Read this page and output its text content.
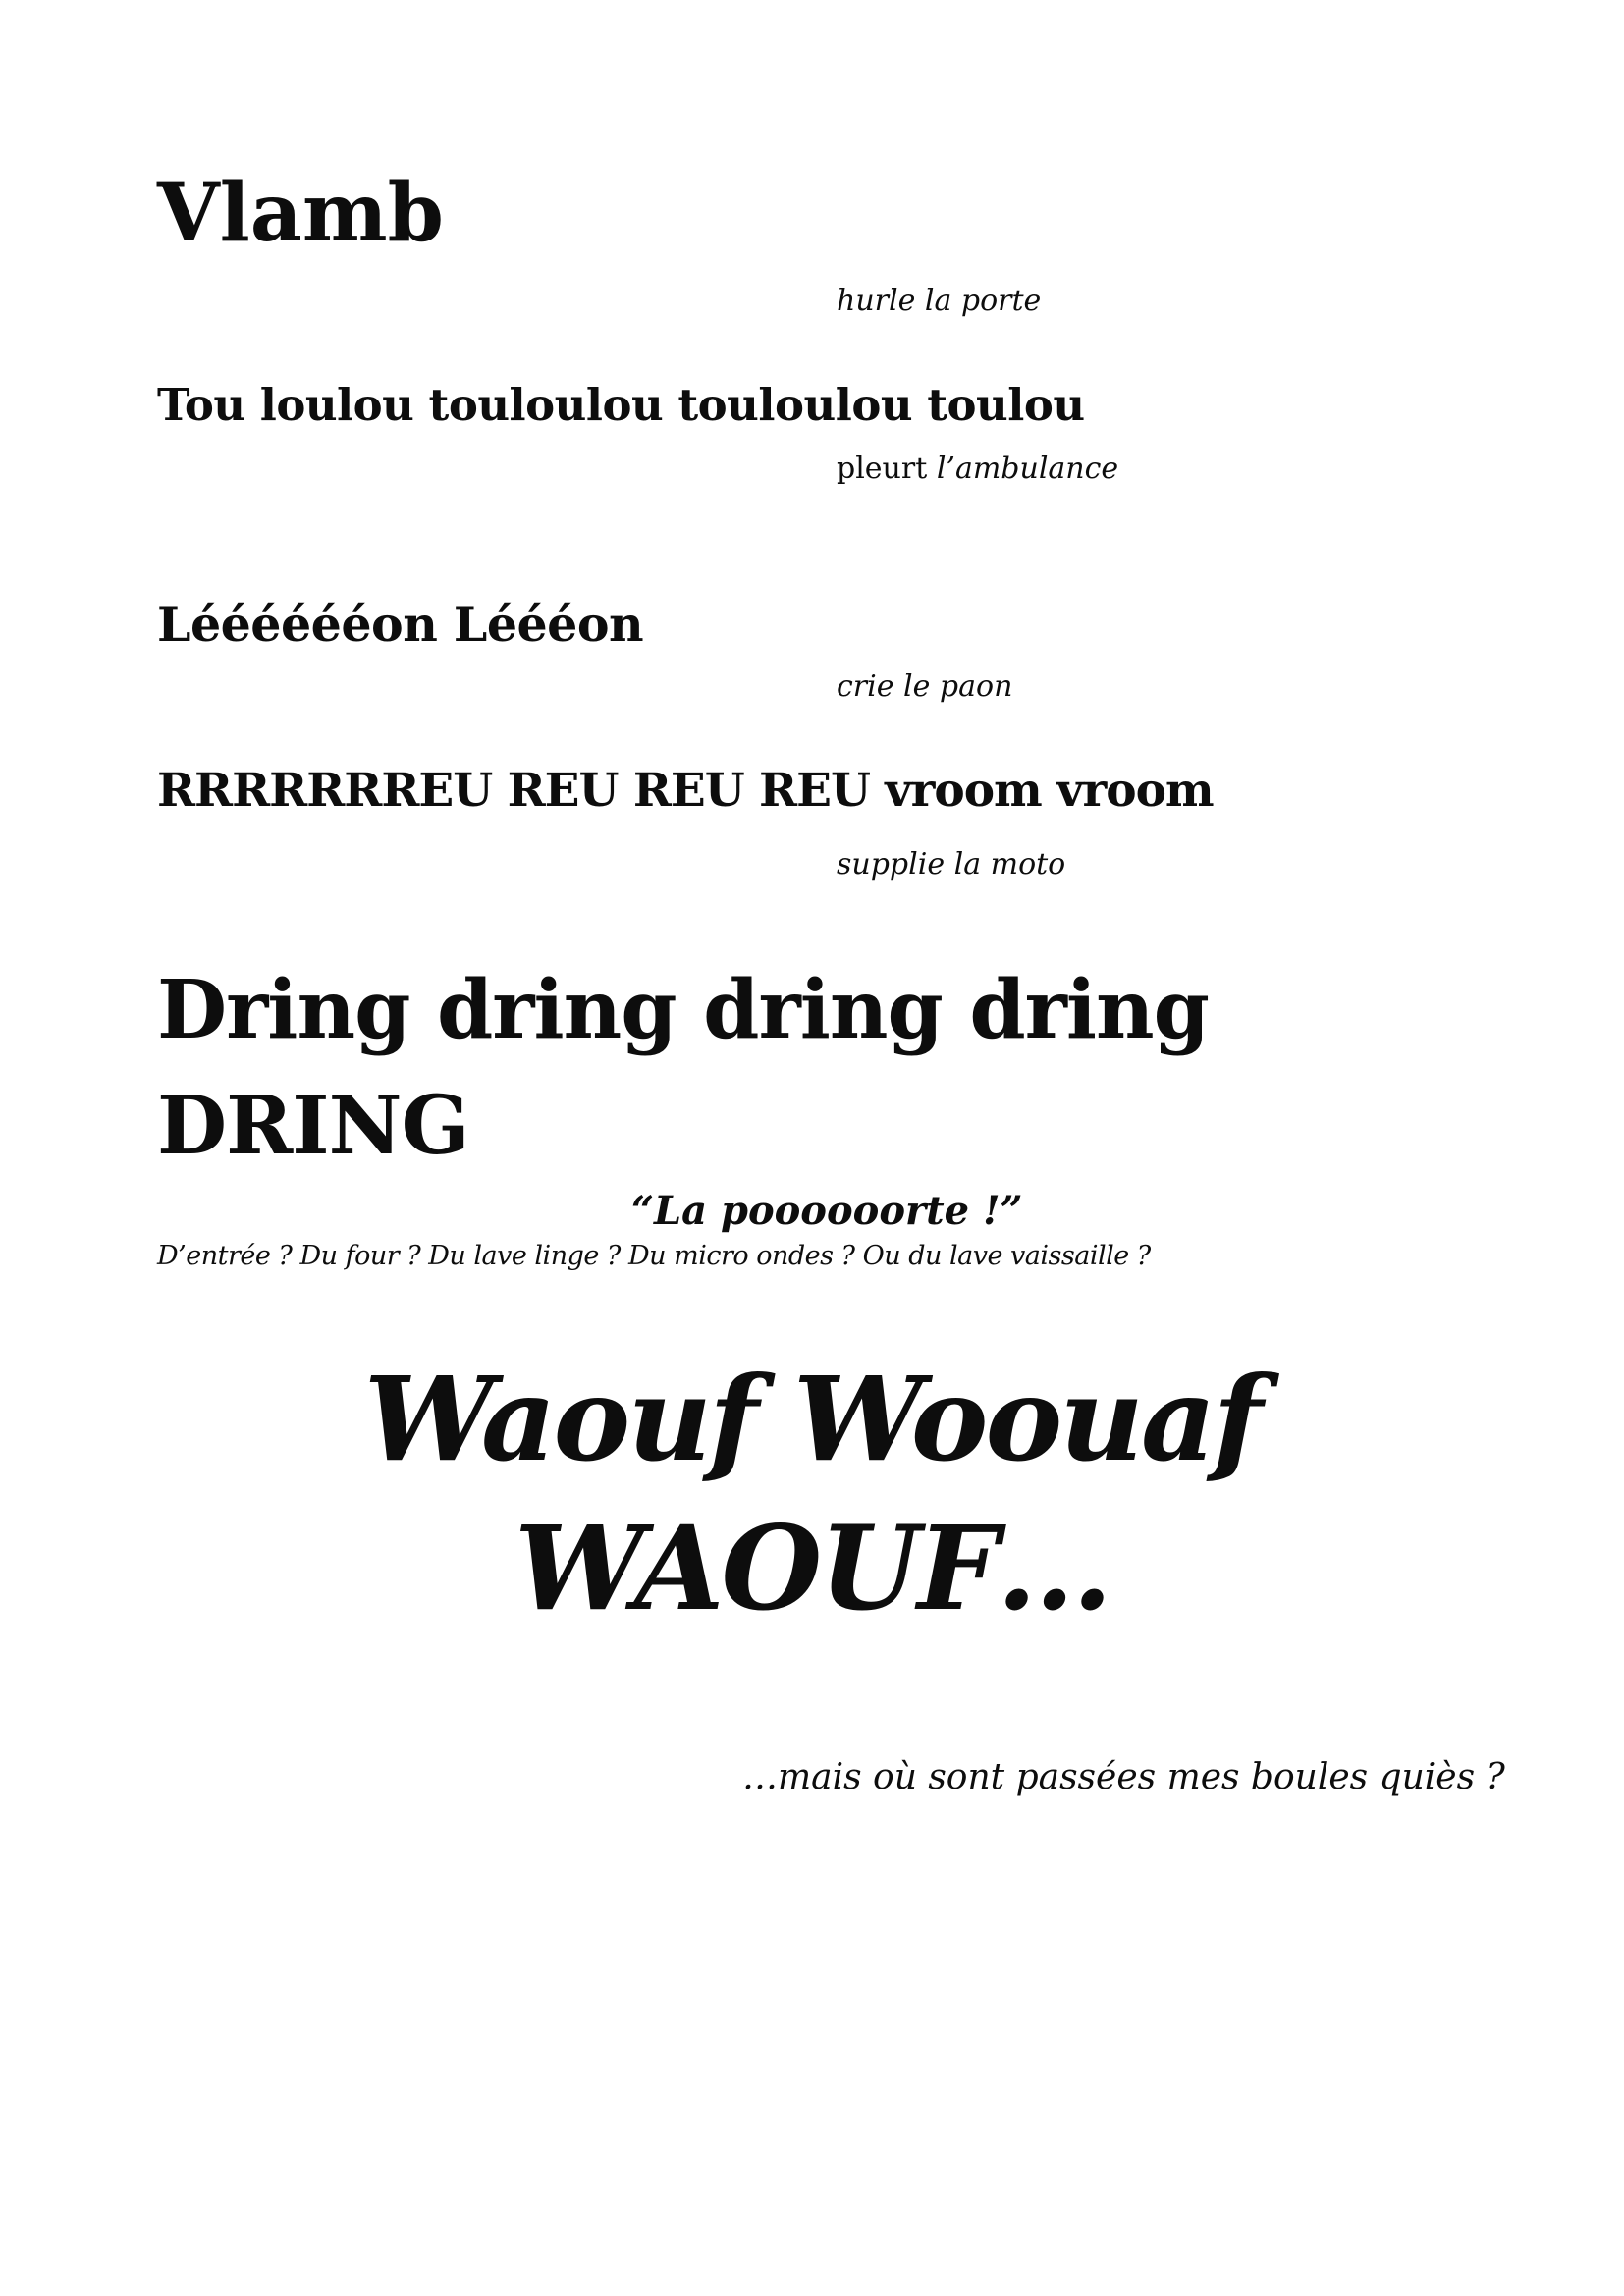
Vlamb

hurle la porte

Tou loulou touloulou touloulou toulou

pleurt l’ambulance

Lééééééon Léééon

crie le paon

RRRRRRREU REU REU REU vroom vroom

supplie la moto

Dring dring dring dring

DRING

“La poooooorte !”

D’entrée ? Du four ? Du lave linge ? Du micro ondes ? Ou du lave vaissaille ?

Waouf Woouaf

WAOUF…

…mais où sont passées mes boules quiès ?
